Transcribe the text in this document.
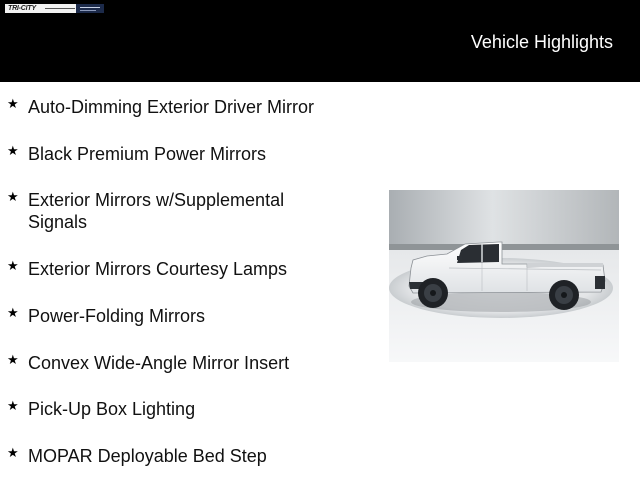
TRI-CITY
Vehicle Highlights
★ Auto-Dimming Exterior Driver Mirror
★ Black Premium Power Mirrors
★ Exterior Mirrors w/Supplemental Signals
★ Exterior Mirrors Courtesy Lamps
★ Power-Folding Mirrors
★ Convex Wide-Angle Mirror Insert
★ Pick-Up Box Lighting
★ MOPAR Deployable Bed Step
